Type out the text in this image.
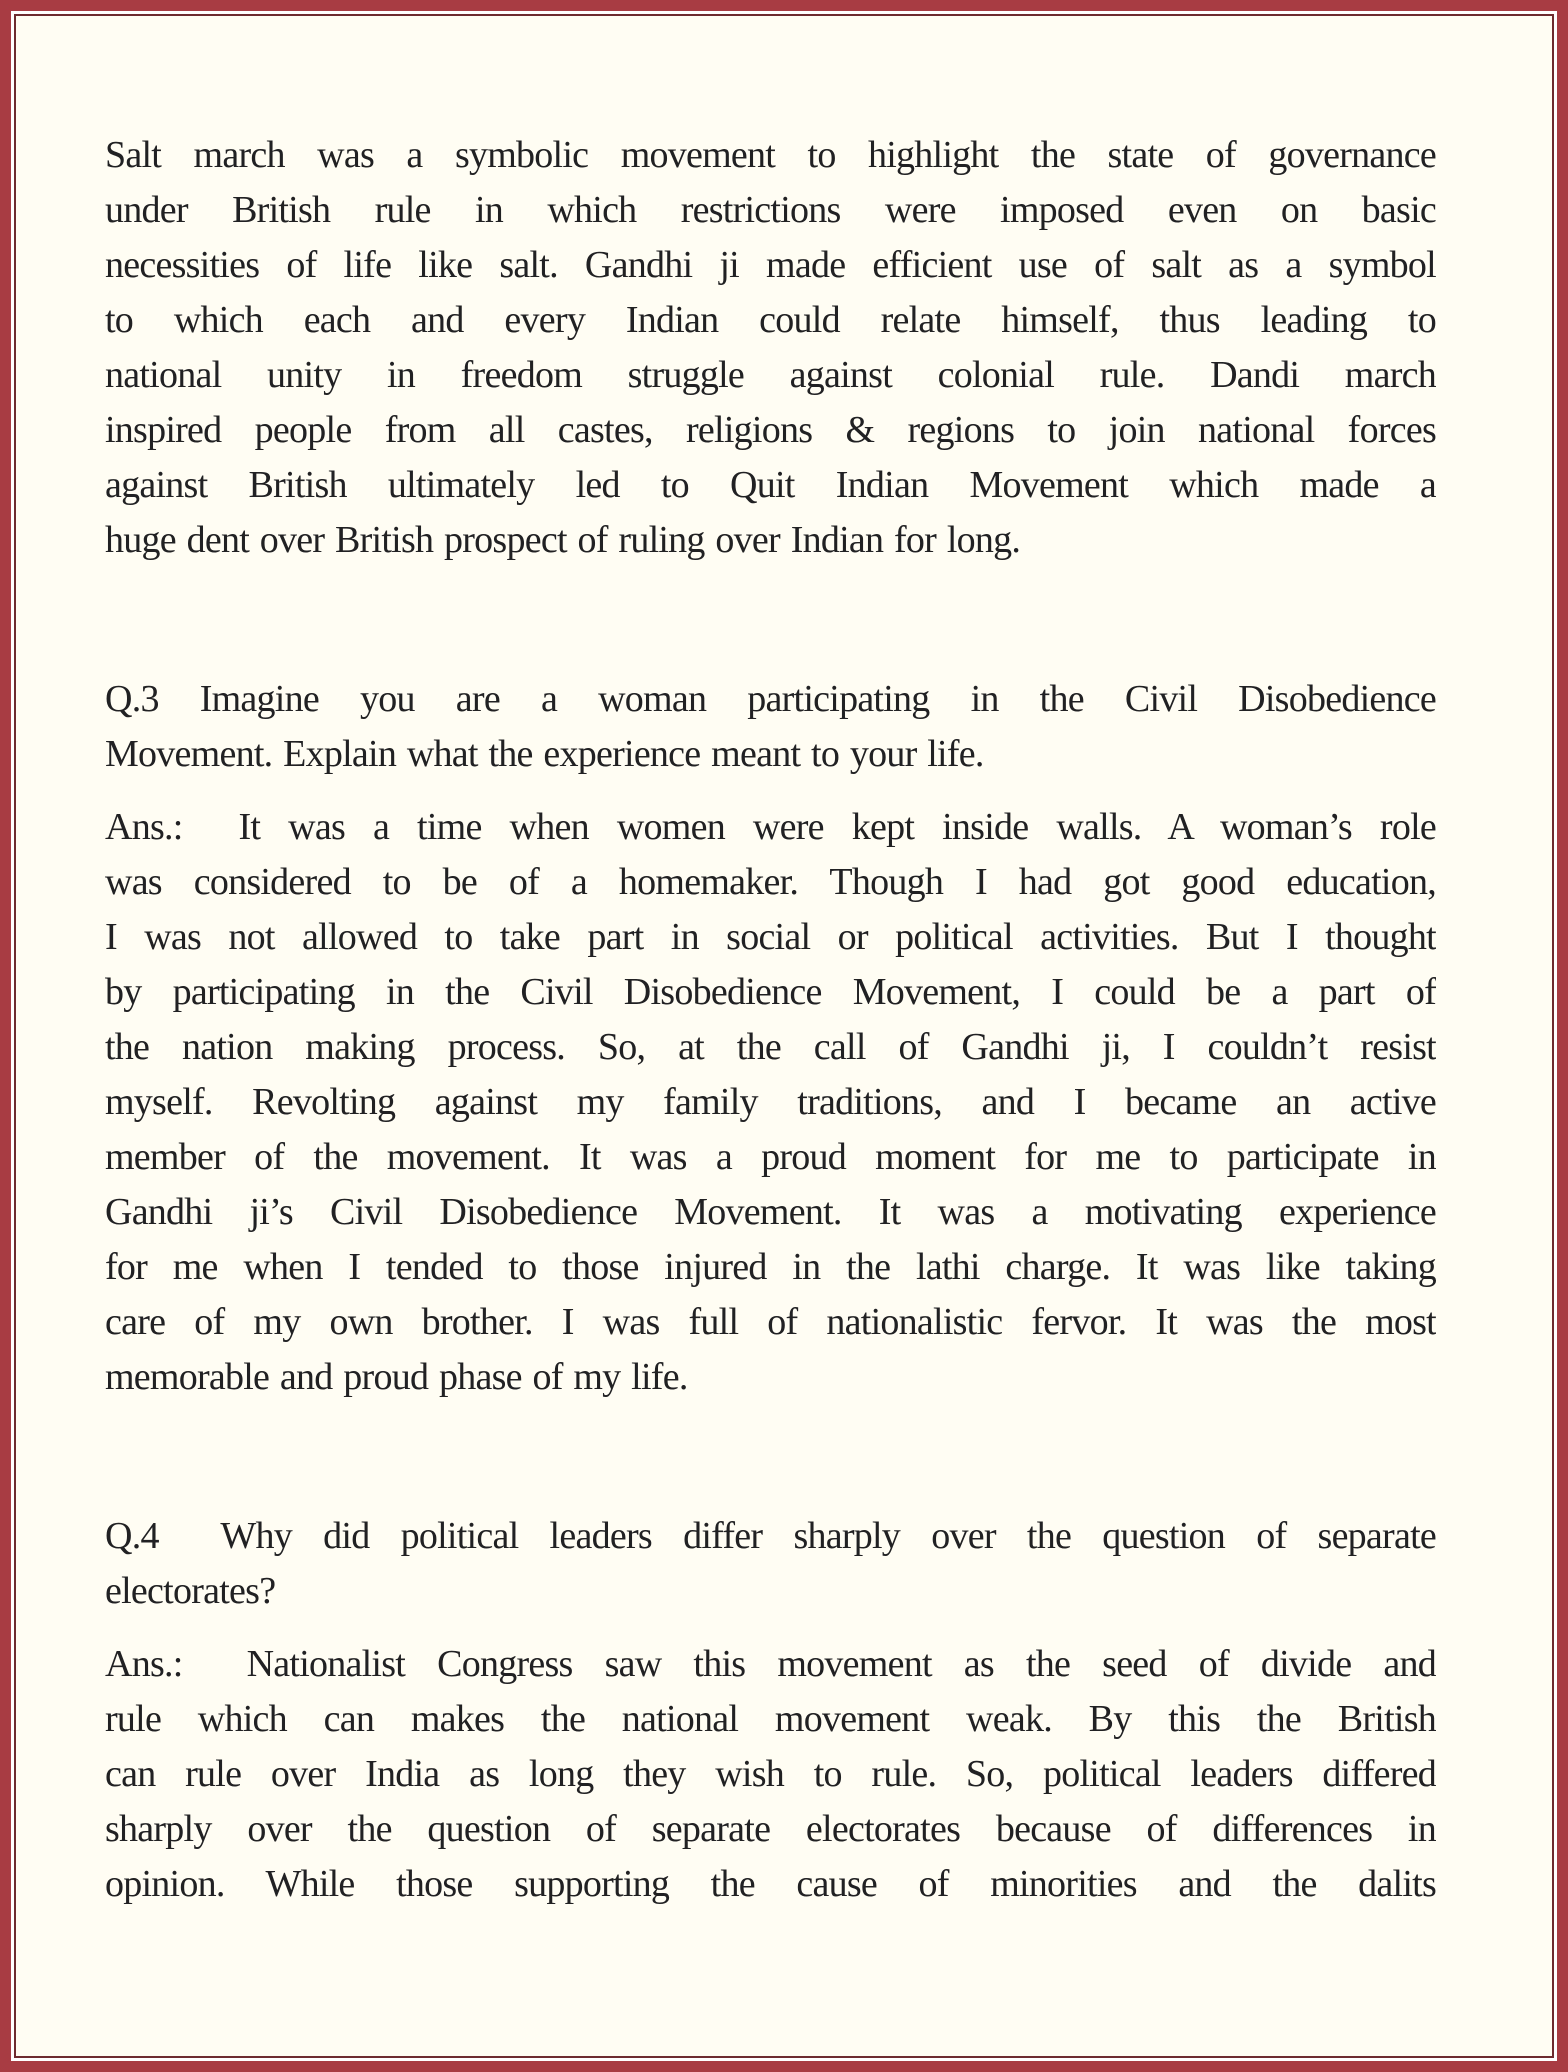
Salt march was a symbolic movement to highlight the state of governance
under British rule in which restrictions were imposed even on basic
necessities of life like salt. Gandhi ji made efficient use of salt as a symbol
to which each and every Indian could relate himself, thus leading to
national unity in freedom struggle against colonial rule. Dandi march
inspired people from all castes, religions & regions to join national forces
against British ultimately led to Quit Indian Movement which made a
huge dent over British prospect of ruling over Indian for long.
Q.3 Imagine you are a woman participating in the Civil Disobedience
Movement. Explain what the experience meant to your life.
Ans.:  It was a time when women were kept inside walls. A woman’s role
was considered to be of a homemaker. Though I had got good education,
I was not allowed to take part in social or political activities. But I thought
by participating in the Civil Disobedience Movement, I could be a part of
the nation making process. So, at the call of Gandhi ji, I couldn’t resist
myself. Revolting against my family traditions, and I became an active
member of the movement. It was a proud moment for me to participate in
Gandhi ji’s Civil Disobedience Movement. It was a motivating experience
for me when I tended to those injured in the lathi charge. It was like taking
care of my own brother. I was full of nationalistic fervor. It was the most
memorable and proud phase of my life.
Q.4  Why did political leaders differ sharply over the question of separate
electorates?
Ans.:  Nationalist Congress saw this movement as the seed of divide and
rule which can makes the national movement weak. By this the British
can rule over India as long they wish to rule. So, political leaders differed
sharply over the question of separate electorates because of differences in
opinion. While those supporting the cause of minorities and the dalits
